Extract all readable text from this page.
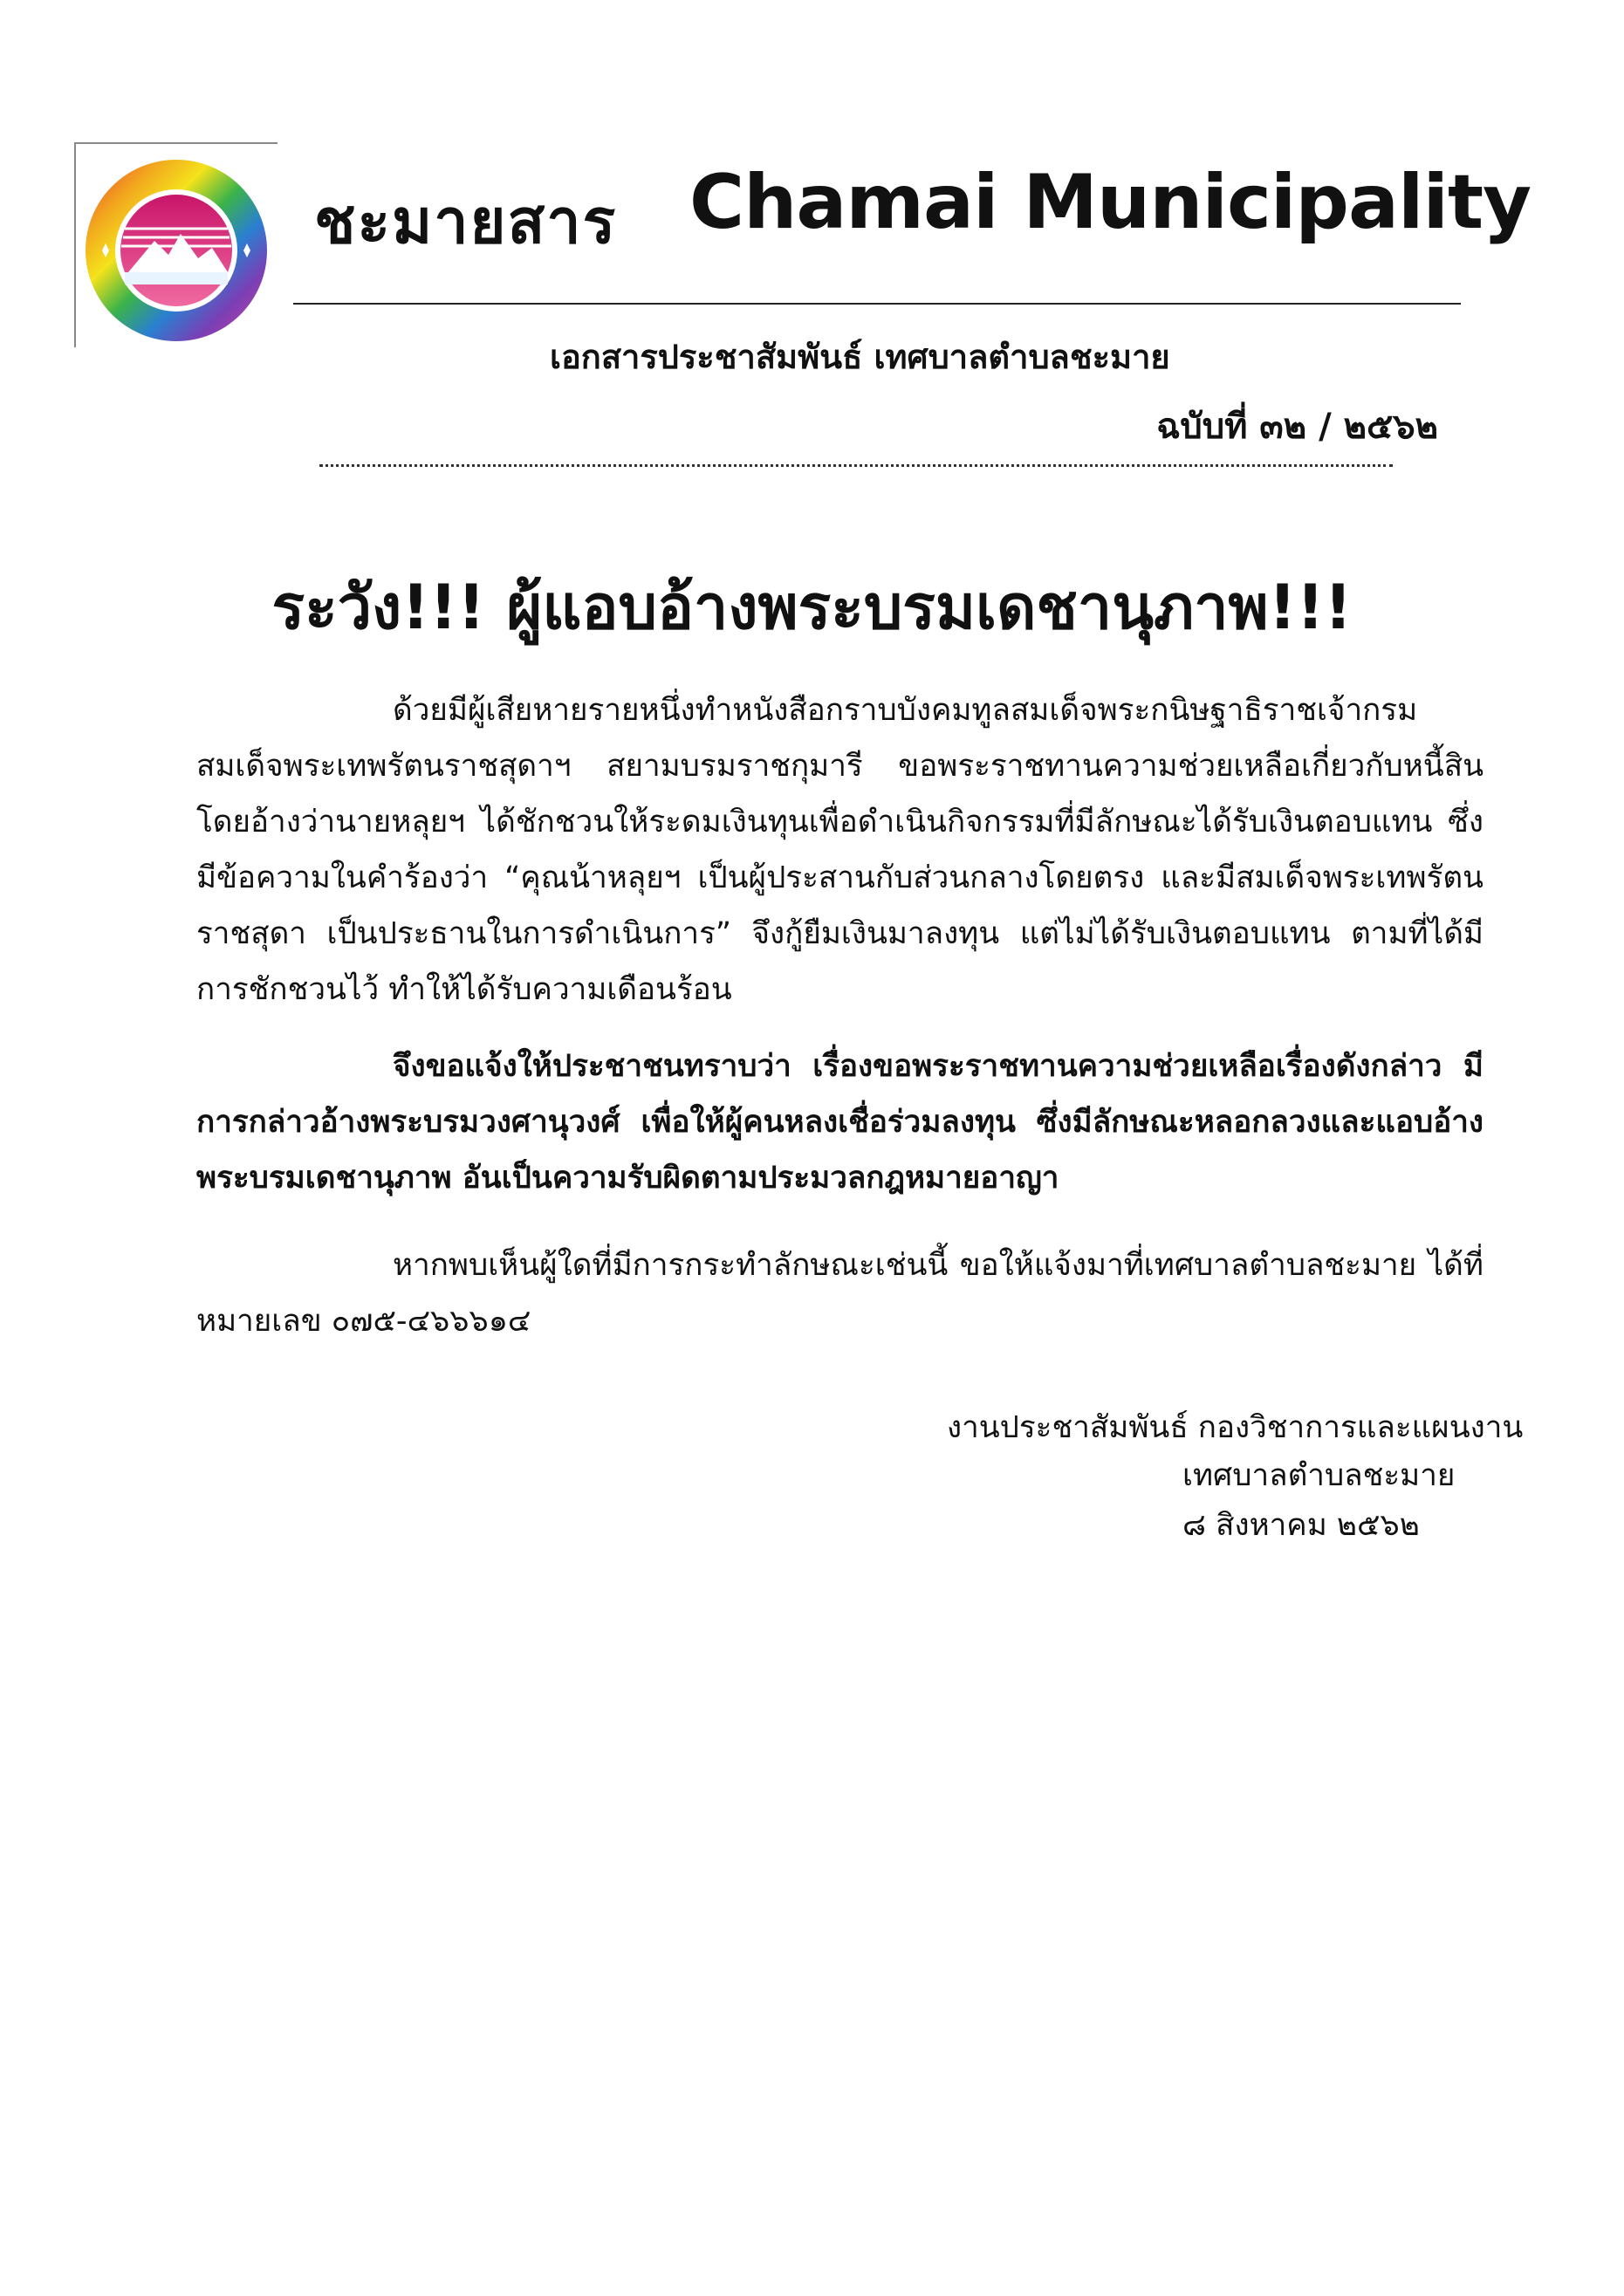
ชะมายสาร Chamai Municipality
เอกสารประชาสัมพันธ์ เทศบาลตำบลชะมาย
ฉบับที่ ๓๒ / ๒๕๖๒
ระวัง!!! ผู้แอบอ้างพระบรมเดชานุภาพ!!!

ด้วยมีผู้เสียหายรายหนึ่งทำหนังสือกราบบังคมทูลสมเด็จพระกนิษฐาธิราชเจ้ากรมสมเด็จพระเทพรัตนราชสุดาฯ สยามบรมราชกุมารี ขอพระราชทานความช่วยเหลือเกี่ยวกับหนี้สิน โดยอ้างว่านายหลุยฯ ได้ชักชวนให้ระดมเงินทุนเพื่อดำเนินกิจกรรมที่มีลักษณะได้รับเงินตอบแทน ซึ่งมีข้อความในคำร้องว่า “คุณน้าหลุยฯ เป็นผู้ประสานกับส่วนกลางโดยตรง และมีสมเด็จพระเทพรัตนราชสุดา เป็นประธานในการดำเนินการ” จึงกู้ยืมเงินมาลงทุน แต่ไม่ได้รับเงินตอบแทน ตามที่ได้มีการชักชวนไว้ ทำให้ได้รับความเดือนร้อน

จึงขอแจ้งให้ประชาชนทราบว่า เรื่องขอพระราชทานความช่วยเหลือเรื่องดังกล่าว มีการกล่าวอ้างพระบรมวงศานุวงศ์ เพื่อให้ผู้คนหลงเชื่อร่วมลงทุน ซึ่งมีลักษณะหลอกลวงและแอบอ้างพระบรมเดชานุภาพ อันเป็นความรับผิดตามประมวลกฎหมายอาญา

หากพบเห็นผู้ใดที่มีการกระทำลักษณะเช่นนี้ ขอให้แจ้งมาที่เทศบาลตำบลชะมาย ได้ที่หมายเลข ๐๗๕-๔๖๖๖๑๔

งานประชาสัมพันธ์ กองวิชาการและแผนงาน
เทศบาลตำบลชะมาย
๘ สิงหาคม ๒๕๖๒
